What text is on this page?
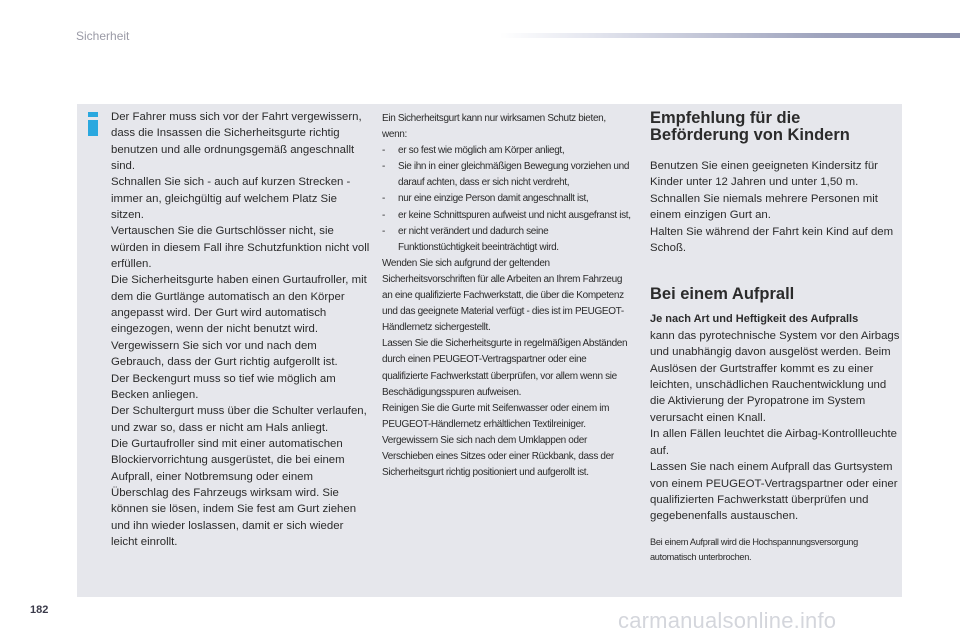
Sicherheit

Der Fahrer muss sich vor der Fahrt vergewissern, dass die Insassen die Sicherheitsgurte richtig benutzen und alle ordnungsgemäß angeschnallt sind.

Schnallen Sie sich - auch auf kurzen Strecken - immer an, gleichgültig auf welchem Platz Sie sitzen.

Vertauschen Sie die Gurtschlösser nicht, sie würden in diesem Fall ihre Schutzfunktion nicht voll erfüllen.

Die Sicherheitsgurte haben einen Gurtaufroller, mit dem die Gurtlänge automatisch an den Körper angepasst wird. Der Gurt wird automatisch eingezogen, wenn der nicht benutzt wird.

Vergewissern Sie sich vor und nach dem Gebrauch, dass der Gurt richtig aufgerollt ist.

Der Beckengurt muss so tief wie möglich am Becken anliegen.

Der Schultergurt muss über die Schulter verlaufen, und zwar so, dass er nicht am Hals anliegt.

Die Gurtaufroller sind mit einer automatischen Blockiervorrichtung ausgerüstet, die bei einem Aufprall, einer Notbremsung oder einem Überschlag des Fahrzeugs wirksam wird. Sie können sie lösen, indem Sie fest am Gurt ziehen und ihn wieder loslassen, damit er sich wieder leicht einrollt.

Ein Sicherheitsgurt kann nur wirksamen Schutz bieten, wenn:

- er so fest wie möglich am Körper anliegt,
- Sie ihn in einer gleichmäßigen Bewegung vorziehen und darauf achten, dass er sich nicht verdreht,
- nur eine einzige Person damit angeschnallt ist,
- er keine Schnittspuren aufweist und nicht ausgefranst ist,
- er nicht verändert und dadurch seine Funktionstüchtigkeit beeinträchtigt wird.

Wenden Sie sich aufgrund der geltenden Sicherheitsvorschriften für alle Arbeiten an Ihrem Fahrzeug an eine qualifizierte Fachwerkstatt, die über die Kompetenz und das geeignete Material verfügt - dies ist im PEUGEOT-Händlernetz sichergestellt.

Lassen Sie die Sicherheitsgurte in regelmäßigen Abständen durch einen PEUGEOT-Vertragspartner oder eine qualifizierte Fachwerkstatt überprüfen, vor allem wenn sie Beschädigungsspuren aufweisen.

Reinigen Sie die Gurte mit Seifenwasser oder einem im PEUGEOT-Händlernetz erhältlichen Textilreiniger.

Vergewissern Sie sich nach dem Umklappen oder Verschieben eines Sitzes oder einer Rückbank, dass der Sicherheitsgurt richtig positioniert und aufgerollt ist.

Empfehlung für die
Beförderung von Kindern

Benutzen Sie einen geeigneten Kindersitz für Kinder unter 12 Jahren und unter 1,50 m.

Schnallen Sie niemals mehrere Personen mit einem einzigen Gurt an.

Halten Sie während der Fahrt kein Kind auf dem Schoß.

Bei einem Aufprall
Je nach Art und Heftigkeit des Aufpralls

kann das pyrotechnische System vor den Airbags und unabhängig davon ausgelöst werden. Beim Auslösen der Gurtstraffer kommt es zu einer leichten, unschädlichen Rauchentwicklung und die Aktivierung der Pyropatrone im System verursacht einen Knall.

In allen Fällen leuchtet die Airbag-Kontrollleuchte auf.

Lassen Sie nach einem Aufprall das Gurtsystem von einem PEUGEOT-Vertragspartner oder einer qualifizierten Fachwerkstatt überprüfen und gegebenenfalls austauschen.

Bei einem Aufprall wird die Hochspannungsversorgung automatisch unterbrochen.
182	carmanualsonline.info
